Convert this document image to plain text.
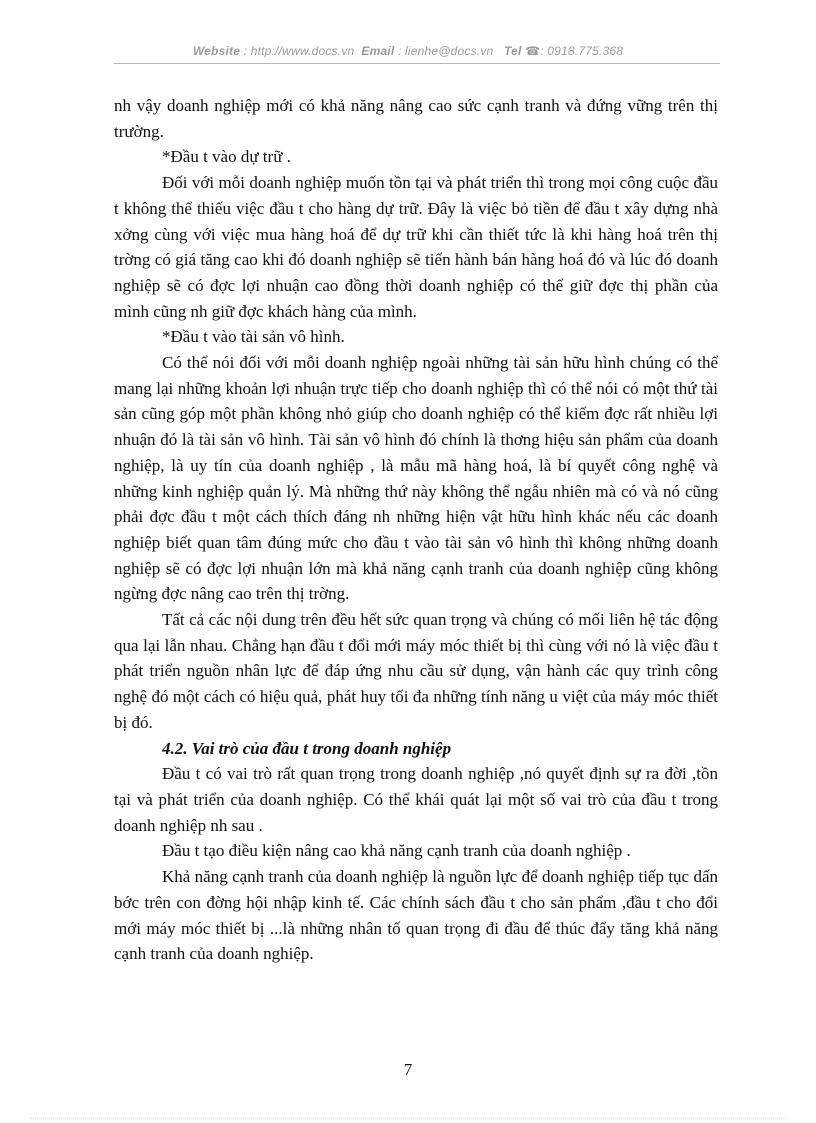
Website : http://www.docs.vn Email : lienhe@docs.vn Tel ☎: 0918.775.368

nh vậy doanh nghiệp mới có khả năng nâng cao sức cạnh tranh và đứng vững trên thị trường.

*Đầu t vào dự trữ .

Đối với mỗi doanh nghiệp muốn tồn tại và phát triển thì trong mọi công cuộc đầu t không thể thiếu việc đầu t cho hàng dự trữ. Đây là việc bỏ tiền để đầu t xây dựng nhà xởng cùng với việc mua hàng hoá để dự trữ khi cần thiết tức là khi hàng hoá trên thị trờng có giá tăng cao khi đó doanh nghiệp sẽ tiến hành bán hàng hoá đó và lúc đó doanh nghiệp sẽ có đợc lợi nhuận cao đồng thời doanh nghiệp có thể giữ đợc thị phần của mình cũng nh giữ đợc khách hàng của mình.

*Đầu t vào tài sản vô hình.

Có thể nói đối với mỗi doanh nghiệp ngoài những tài sản hữu hình chúng có thể mang lại những khoản lợi nhuận trực tiếp cho doanh nghiệp thì có thể nói có một thứ tài sản cũng góp một phần không nhỏ giúp cho doanh nghiệp có thể kiếm đợc rất nhiều lợi nhuận đó là tài sản vô hình. Tài sản vô hình đó chính là thơng hiệu sản phẩm của doanh nghiệp, là uy tín của doanh nghiệp , là mẫu mã hàng hoá, là bí quyết công nghệ và những kinh nghiệp quản lý. Mà những thứ này không thể ngẫu nhiên mà có và nó cũng phải đợc đầu t một cách thích đáng nh những hiện vật hữu hình khác nếu các doanh nghiệp biết quan tâm đúng mức cho đầu t vào tài sản vô hình thì không những doanh nghiệp sẽ có đợc lợi nhuận lớn mà khả năng cạnh tranh của doanh nghiệp cũng không ngừng đợc nâng cao trên thị trờng.

Tất cả các nội dung trên đều hết sức quan trọng và chúng có mối liên hệ tác động qua lại lẫn nhau. Chẳng hạn đầu t đổi mới máy móc thiết bị thì cùng với nó là việc đầu t phát triển nguồn nhân lực để đáp ứng nhu cầu sử dụng, vận hành các quy trình công nghệ đó một cách có hiệu quả, phát huy tối đa những tính năng u việt của máy móc thiết bị đó.

4.2. Vai trò của đầu t trong doanh nghiệp

Đầu t có vai trò rất quan trọng trong doanh nghiệp ,nó quyết định sự ra đời ,tồn tại và phát triển của doanh nghiệp. Có thể khái quát lại một số vai trò của đầu t trong doanh nghiệp nh sau .

Đầu t tạo điều kiện nâng cao khả năng cạnh tranh của doanh nghiệp .

Khả năng cạnh tranh của doanh nghiệp là nguồn lực để doanh nghiệp tiếp tục dấn bớc trên con đờng hội nhập kinh tế. Các chính sách đầu t cho sản phẩm ,đầu t cho đổi mới máy móc thiết bị ...là những nhân tố quan trọng đi đầu để thúc đẩy tăng khả năng cạnh tranh của doanh nghiệp.

7
